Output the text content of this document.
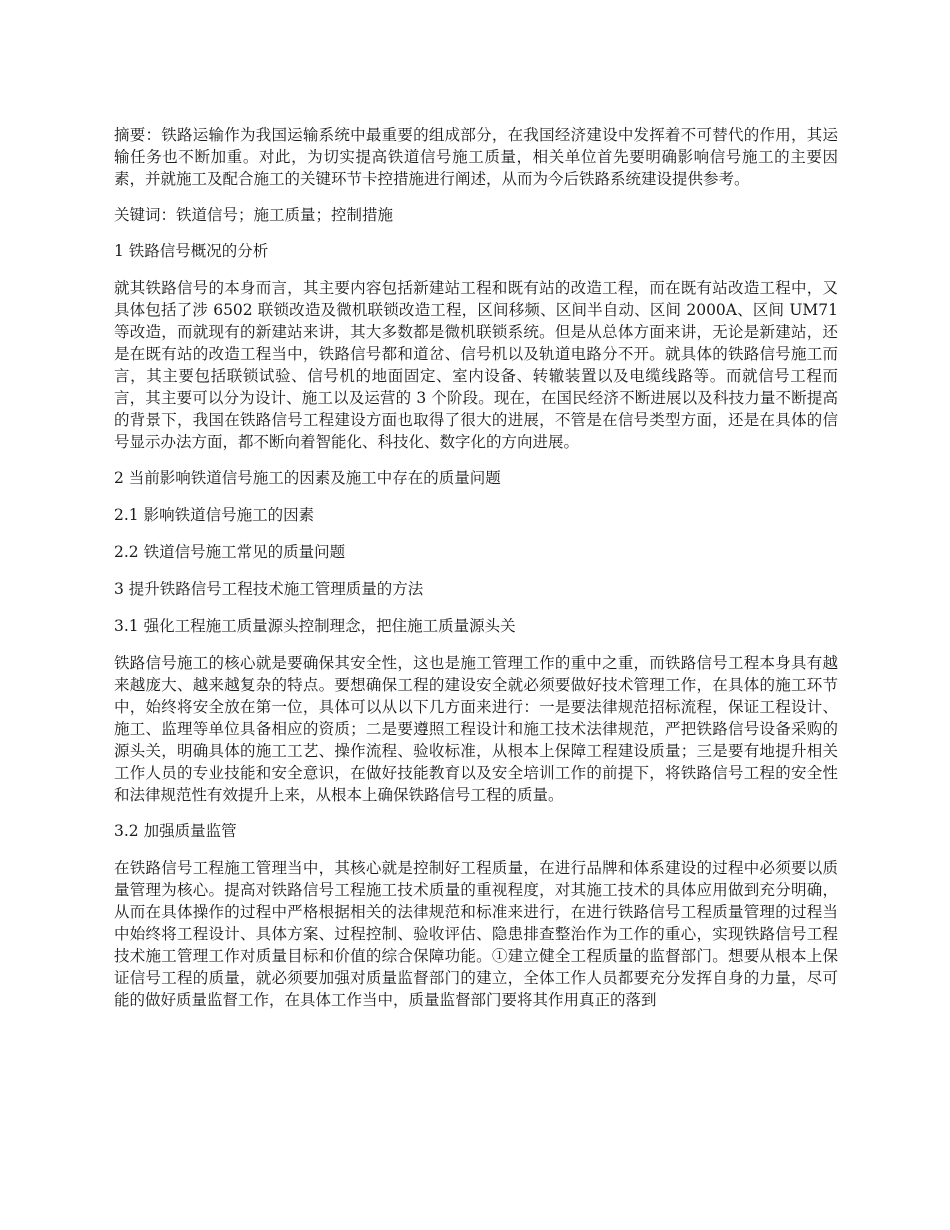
摘要：铁路运输作为我国运输系统中最重要的组成部分，在我国经济建设中发挥着不可替代的作用，其运输任务也不断加重。对此，为切实提高铁道信号施工质量，相关单位首先要明确影响信号施工的主要因素，并就施工及配合施工的关键环节卡控措施进行阐述，从而为今后铁路系统建设提供参考。

关键词：铁道信号；施工质量；控制措施

1 铁路信号概况的分析

就其铁路信号的本身而言，其主要内容包括新建站工程和既有站的改造工程，而在既有站改造工程中，又具体包括了涉 6502 联锁改造及微机联锁改造工程，区间移频、区间半自动、区间 2000A、区间 UM71 等改造，而就现有的新建站来讲，其大多数都是微机联锁系统。但是从总体方面来讲，无论是新建站，还是在既有站的改造工程当中，铁路信号都和道岔、信号机以及轨道电路分不开。就具体的铁路信号施工而言，其主要包括联锁试验、信号机的地面固定、室内设备、转辙装置以及电缆线路等。而就信号工程而言，其主要可以分为设计、施工以及运营的 3 个阶段。现在，在国民经济不断进展以及科技力量不断提高的背景下，我国在铁路信号工程建设方面也取得了很大的进展，不管是在信号类型方面，还是在具体的信号显示办法方面，都不断向着智能化、科技化、数字化的方向进展。

2 当前影响铁道信号施工的因素及施工中存在的质量问题

2.1 影响铁道信号施工的因素

2.2 铁道信号施工常见的质量问题

3 提升铁路信号工程技术施工管理质量的方法

3.1 强化工程施工质量源头控制理念，把住施工质量源头关

铁路信号施工的核心就是要确保其安全性，这也是施工管理工作的重中之重，而铁路信号工程本身具有越来越庞大、越来越复杂的特点。要想确保工程的建设安全就必须要做好技术管理工作，在具体的施工环节中，始终将安全放在第一位，具体可以从以下几方面来进行：一是要法律规范招标流程，保证工程设计、施工、监理等单位具备相应的资质；二是要遵照工程设计和施工技术法律规范，严把铁路信号设备采购的源头关，明确具体的施工工艺、操作流程、验收标准，从根本上保障工程建设质量；三是要有地提升相关工作人员的专业技能和安全意识，在做好技能教育以及安全培训工作的前提下，将铁路信号工程的安全性和法律规范性有效提升上来，从根本上确保铁路信号工程的质量。

3.2 加强质量监管

在铁路信号工程施工管理当中，其核心就是控制好工程质量，在进行品牌和体系建设的过程中必须要以质量管理为核心。提高对铁路信号工程施工技术质量的重视程度，对其施工技术的具体应用做到充分明确，从而在具体操作的过程中严格根据相关的法律规范和标准来进行，在进行铁路信号工程质量管理的过程当中始终将工程设计、具体方案、过程控制、验收评估、隐患排查整治作为工作的重心，实现铁路信号工程技术施工管理工作对质量目标和价值的综合保障功能。①建立健全工程质量的监督部门。想要从根本上保证信号工程的质量，就必须要加强对质量监督部门的建立，全体工作人员都要充分发挥自身的力量，尽可能的做好质量监督工作，在具体工作当中，质量监督部门要将其作用真正的落到
